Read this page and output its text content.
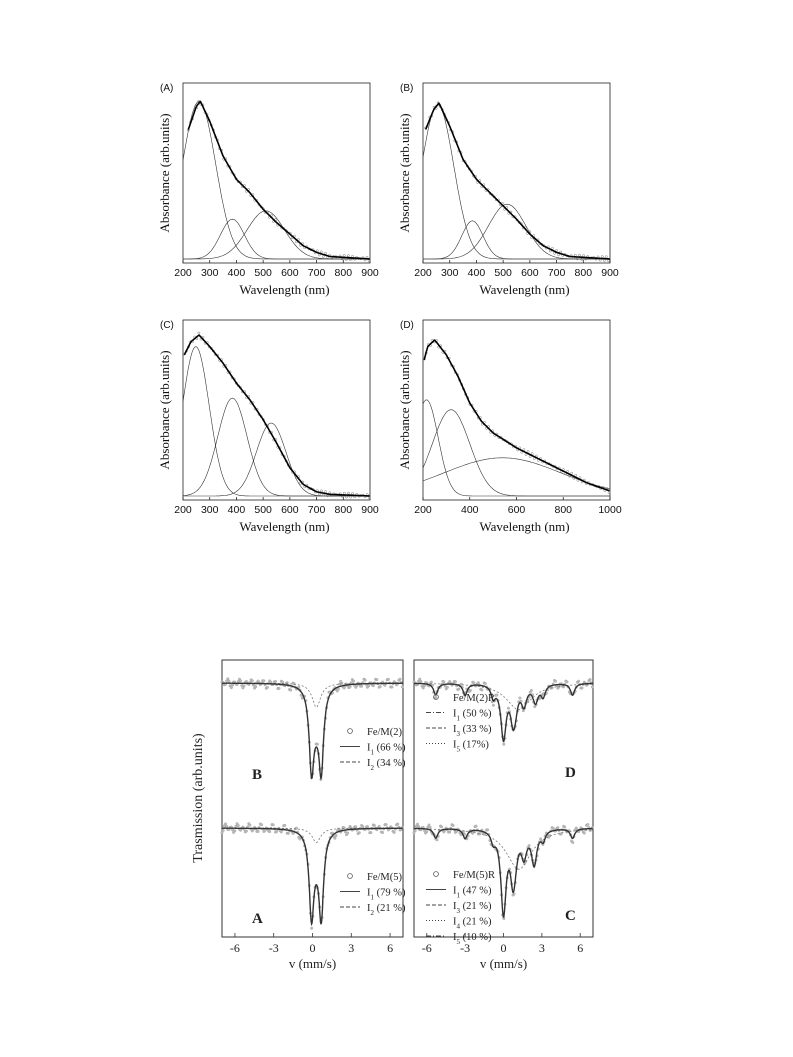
(A)
200 300 400 500 600 700 800 900
Wavelength (nm)
Absorbance (arb.units)
(B)
200 300 400 500 600 700 800 900
Wavelength (nm)
Absorbance (arb.units)
(C)
200 300 400 500 600 700 800 900
Wavelength (nm)
Absorbance (arb.units)
(D)
200	400	600	800	1000
Wavelength (nm)
Absorbance (arb.units)
Trasmission (arb.units)
-6 -3	0	3	6
v (mm/s)
Fe/M(2)
$I_1$ (66 %)
$I_2$ (34 %)
B
Fe/M(5)
$I_1$ (79 %)
$I_2$ (21 %)
A
-6 -3	0	3	6
v (mm/s)
Fe/M(2)R
$I_1$ (50 %)
$I_3$ (33 %)
$I_5$ (17%)
D
Fe/M(5)R
$I_1$ (47 %)
$I_3$ (21 %)
$I_4$ (21 %)
$I_5$ (10 %)
C
